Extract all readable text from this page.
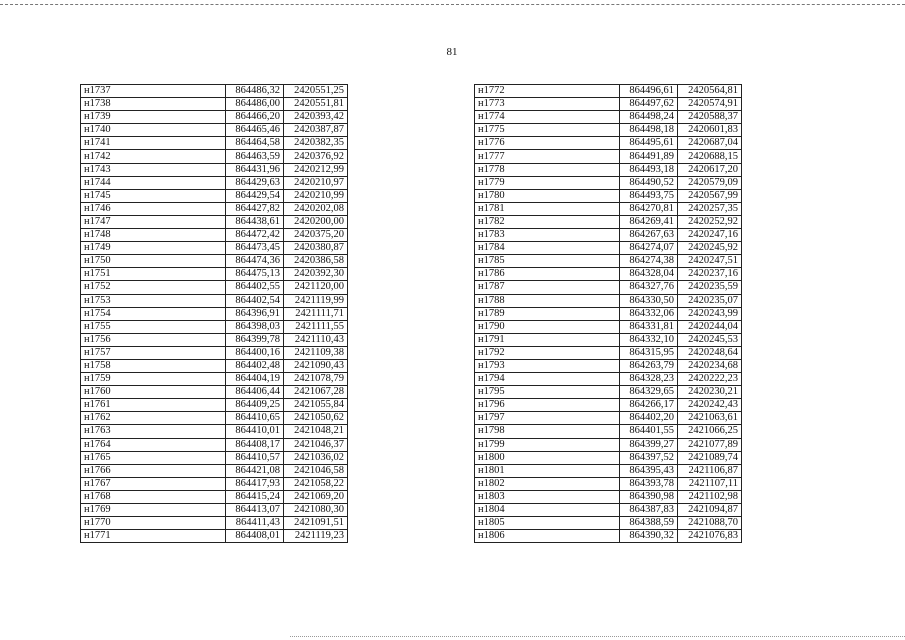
81
н1737	864486,32	2420551,25
н1738	864486,00	2420551,81
н1739	864466,20	2420393,42
н1740	864465,46	2420387,87
н1741	864464,58	2420382,35
н1742	864463,59	2420376,92
н1743	864431,96	2420212,99
н1744	864429,63	2420210,97
н1745	864429,54	2420210,99
н1746	864427,82	2420202,08
н1747	864438,61	2420200,00
н1748	864472,42	2420375,20
н1749	864473,45	2420380,87
н1750	864474,36	2420386,58
н1751	864475,13	2420392,30
н1752	864402,55	2421120,00
н1753	864402,54	2421119,99
н1754	864396,91	2421111,71
н1755	864398,03	2421111,55
н1756	864399,78	2421110,43
н1757	864400,16	2421109,38
н1758	864402,48	2421090,43
н1759	864404,19	2421078,79
н1760	864406,44	2421067,28
н1761	864409,25	2421055,84
н1762	864410,65	2421050,62
н1763	864410,01	2421048,21
н1764	864408,17	2421046,37
н1765	864410,57	2421036,02
н1766	864421,08	2421046,58
н1767	864417,93	2421058,22
н1768	864415,24	2421069,20
н1769	864413,07	2421080,30
н1770	864411,43	2421091,51
н1771	864408,01	2421119,23
н1772	864496,61	2420564,81
н1773	864497,62	2420574,91
н1774	864498,24	2420588,37
н1775	864498,18	2420601,83
н1776	864495,61	2420687,04
н1777	864491,89	2420688,15
н1778	864493,18	2420617,20
н1779	864490,52	2420579,09
н1780	864493,75	2420567,99
н1781	864270,81	2420257,35
н1782	864269,41	2420252,92
н1783	864267,63	2420247,16
н1784	864274,07	2420245,92
н1785	864274,38	2420247,51
н1786	864328,04	2420237,16
н1787	864327,76	2420235,59
н1788	864330,50	2420235,07
н1789	864332,06	2420243,99
н1790	864331,81	2420244,04
н1791	864332,10	2420245,53
н1792	864315,95	2420248,64
н1793	864263,79	2420234,68
н1794	864328,23	2420222,23
н1795	864329,65	2420230,21
н1796	864266,17	2420242,43
н1797	864402,20	2421063,61
н1798	864401,55	2421066,25
н1799	864399,27	2421077,89
н1800	864397,52	2421089,74
н1801	864395,43	2421106,87
н1802	864393,78	2421107,11
н1803	864390,98	2421102,98
н1804	864387,83	2421094,87
н1805	864388,59	2421088,70
н1806	864390,32	2421076,83
